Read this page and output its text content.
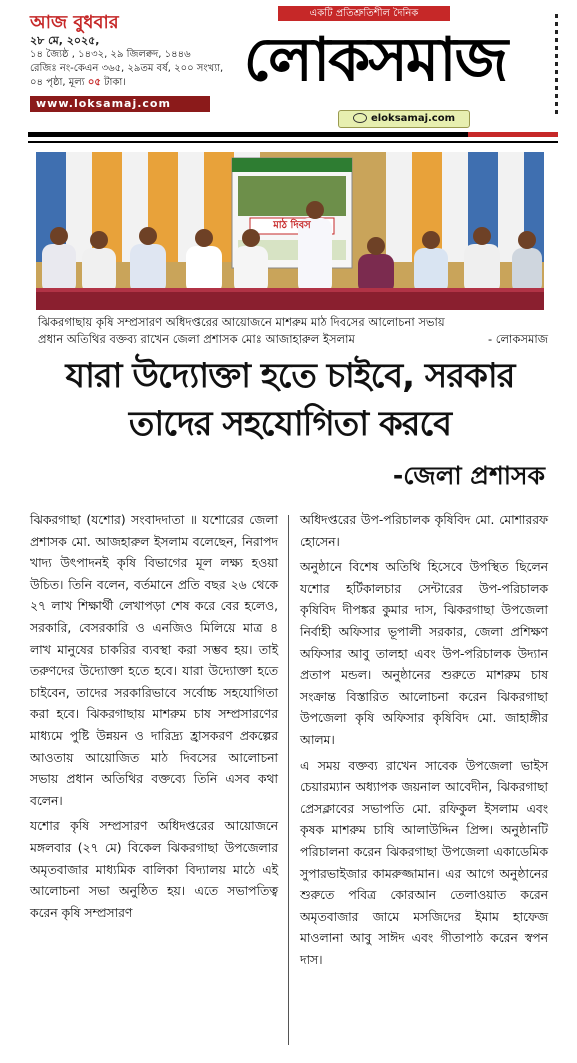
আজ বুধবার
২৮ মে, ২০২৫,
১৪ জ্যৈষ্ঠ , ১৪৩২, ২৯ জিলক্বদ, ১৪৪৬
রেজিঃ নং-কেএন ৩৬৫, ২৯তম বর্ষ, ২০০ সংখ্যা,
০৪ পৃষ্ঠা, মূল্য ০৫ টাকা।
www.loksamaj.com
একটি প্রতিশ্রুতিশীল দৈনিক
লোকসমাজ
eloksamaj.com
মাঠ দিবস
ঝিকরগাছায় কৃষি সম্প্রসারণ অধিদপ্তরের আয়োজনে মাশরুম মাঠ দিবসের আলোচনা সভায়
প্রধান অতিথির বক্তব্য রাখেন জেলা প্রশাসক মোঃ আজাহারুল ইসলাম	- লোকসমাজ
যারা উদ্যোক্তা হতে চাইবে, সরকার
তাদের সহযোগিতা করবে
-জেলা প্রশাসক

ঝিকরগাছা (যশোর) সংবাদদাতা ॥ যশোরের জেলা প্রশাসক মো. আজহারুল ইসলাম বলেছেন, নিরাপদ খাদ্য উৎপাদনই কৃষি বিভাগের মূল লক্ষ্য হওয়া উচিত। তিনি বলেন, বর্তমানে প্রতি বছর ২৬ থেকে ২৭ লাখ শিক্ষার্থী লেখাপড়া শেষ করে বের হলেও, সরকারি, বেসরকারি ও এনজিও মিলিয়ে মাত্র ৪ লাখ মানুষের চাকরির ব্যবস্থা করা সম্ভব হয়। তাই তরুণদের উদ্যোক্তা হতে হবে। যারা উদ্যোক্তা হতে চাইবেন, তাদের সরকারিভাবে সর্বোচ্চ সহযোগিতা করা হবে। ঝিকরগাছায় মাশরুম চাষ সম্প্রসারণের মাধ্যমে পুষ্টি উন্নয়ন ও দারিদ্র্য হ্রাসকরণ প্রকল্পের আওতায় আয়োজিত মাঠ দিবসের আলোচনা সভায় প্রধান অতিথির বক্তব্যে তিনি এসব কথা বলেন।

যশোর কৃষি সম্প্রসারণ অধিদপ্তরের আয়োজনে মঙ্গলবার (২৭ মে) বিকেল ঝিকরগাছা উপজেলার অমৃতবাজার মাধ্যমিক বালিকা বিদ্যালয় মাঠে এই আলোচনা সভা অনুষ্ঠিত হয়। এতে সভাপতিত্ব করেন কৃষি সম্প্রসারণ

অধিদপ্তরের উপ-পরিচালক কৃষিবিদ মো. মোশাররফ হোসেন।

অনুষ্ঠানে বিশেষ অতিথি হিসেবে উপস্থিত ছিলেন যশোর হর্টিকালচার সেন্টারের উপ-পরিচালক কৃষিবিদ দীপঙ্কর কুমার দাস, ঝিকরগাছা উপজেলা নির্বাহী অফিসার ভূপালী সরকার, জেলা প্রশিক্ষণ অফিসার আবু তালহা এবং উপ-পরিচালক উদ্যান প্রতাপ মন্ডল। অনুষ্ঠানের শুরুতে মাশরুম চাষ সংক্রান্ত বিস্তারিত আলোচনা করেন ঝিকরগাছা উপজেলা কৃষি অফিসার কৃষিবিদ মো. জাহাঙ্গীর আলম।

এ সময় বক্তব্য রাখেন সাবেক উপজেলা ভাইস চেয়ারম্যান অধ্যাপক জয়নাল আবেদীন, ঝিকরগাছা প্রেসক্লাবের সভাপতি মো. রফিকুল ইসলাম এবং কৃষক মাশরুম চাষি আলাউদ্দিন প্রিন্স। অনুষ্ঠানটি পরিচালনা করেন ঝিকরগাছা উপজেলা একাডেমিক সুপারভাইজার কামরুজ্জামান। এর আগে অনুষ্ঠানের শুরুতে পবিত্র কোরআন তেলাওয়াত করেন অমৃতবাজার জামে মসজিদের ইমাম হাফেজ মাওলানা আবু সাঈদ এবং গীতাপাঠ করেন স্বপন দাস।
